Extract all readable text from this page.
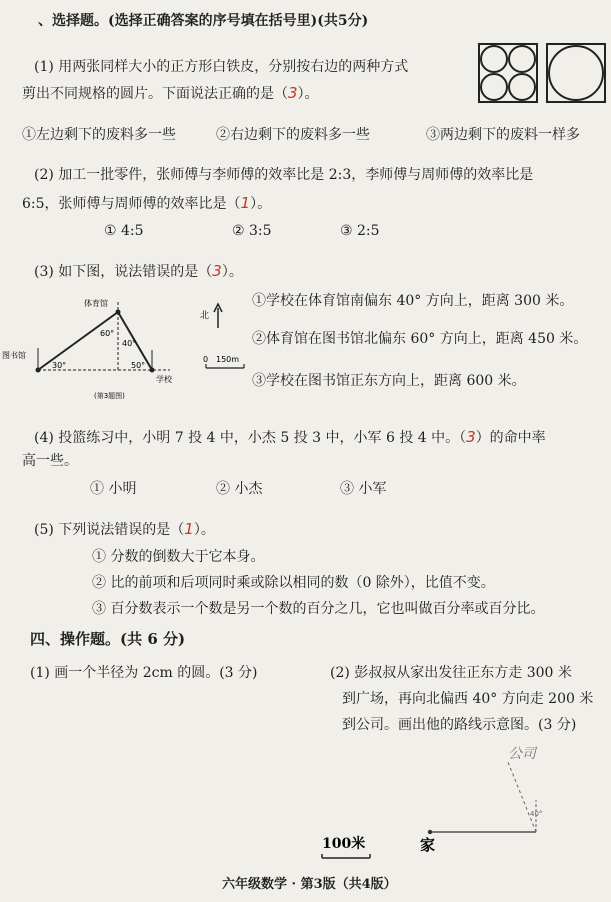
、选择题。(选择正确答案的序号填在括号里)(共5分)
(1) 用两张同样大小的正方形白铁皮，分别按右边的两种方式
剪出不同规格的圆片。下面说法正确的是（3）。
①左边剩下的废料多一些	②右边剩下的废料多一些	③两边剩下的废料一样多
(2) 加工一批零件，张师傅与李师傅的效率比是 2:3，李师傅与周师傅的效率比是
6:5，张师傅与周师傅的效率比是（1）。
① 4:5	② 3:5	③ 2:5
(3) 如下图，说法错误的是（3）。
体育馆
图书馆
学校
60°
40°
30°	50°
(第3题图)
北
0 150m
①学校在体育馆南偏东 40° 方向上，距离 300 米。
②体育馆在图书馆北偏东 60° 方向上，距离 450 米。
③学校在图书馆正东方向上，距离 600 米。
(4) 投篮练习中，小明 7 投 4 中，小杰 5 投 3 中，小军 6 投 4 中。（3）的命中率
高一些。
① 小明	② 小杰	③ 小军
(5) 下列说法错误的是（1）。
① 分数的倒数大于它本身。
② 比的前项和后项同时乘或除以相同的数（0 除外），比值不变。
③ 百分数表示一个数是另一个数的百分之几，它也叫做百分率或百分比。
四、操作题。(共 6 分)
(1) 画一个半径为 2cm 的圆。(3 分)	(2) 彭叔叔从家出发往正东方走 300 米
到广场，再向北偏西 40° 方向走 200 米
到公司。画出他的路线示意图。(3 分)
40°
公司
100米	家
六年级数学 · 第3版（共4版）
